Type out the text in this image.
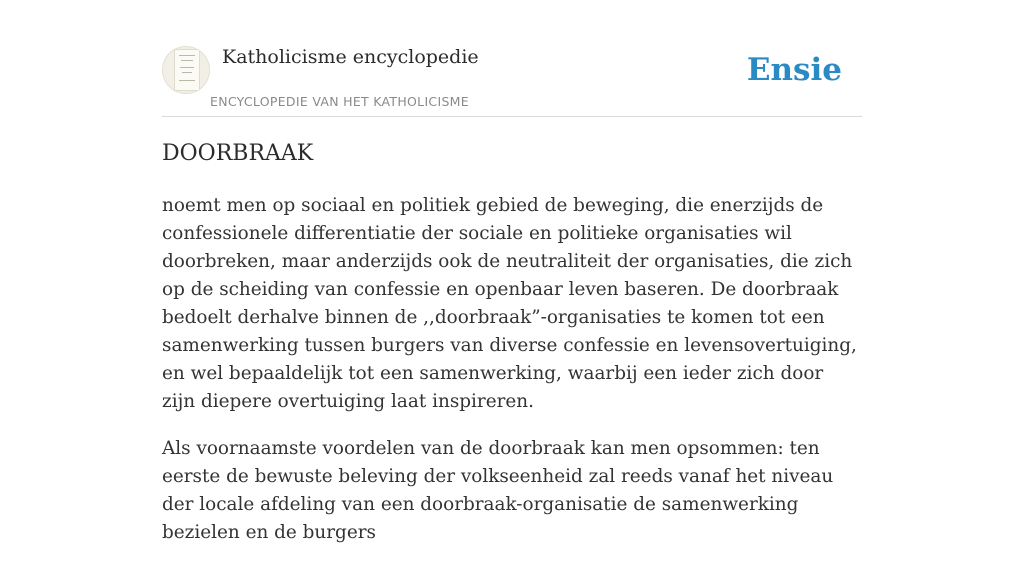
Katholicisme encyclopedie
ENCYCLOPEDIE VAN HET KATHOLICISME
Ensie
DOORBRAAK

noemt men op sociaal en politiek gebied de beweging, die enerzijds de confessionele differentiatie der sociale en politieke organisaties wil doorbreken, maar anderzijds ook de neutraliteit der organisaties, die zich op de scheiding van confessie en openbaar leven baseren. De doorbraak bedoelt derhalve binnen de ,,doorbraak”-organisaties te komen tot een samenwerking tussen burgers van diverse confessie en levensovertuiging, en wel bepaaldelijk tot een samenwerking, waarbij een ieder zich door zijn diepere overtuiging laat inspireren.

Als voornaamste voordelen van de doorbraak kan men opsommen: ten eerste de bewuste beleving der volkseenheid zal reeds vanaf het niveau der locale afdeling van een doorbraak-organisatie de samenwerking bezielen en de burgers
